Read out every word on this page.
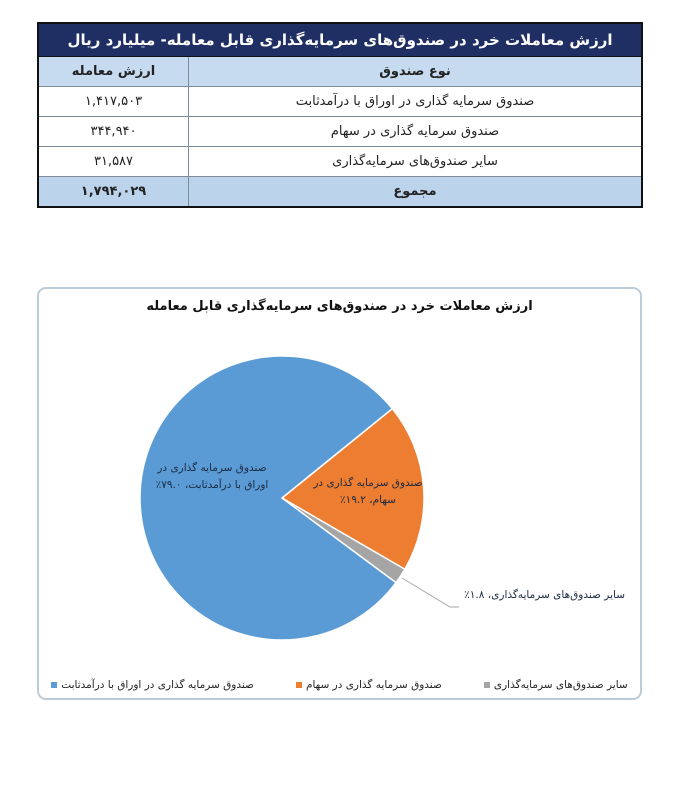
ارزش معاملات خرد در صندوق‌های سرمایه‌گذاری قابل معامله- میلیارد ریال
نوع صندوق
ارزش معامله
صندوق سرمایه گذاری در اوراق با درآمدثابت
۱,۴۱۷,۵۰۳
صندوق سرمایه گذاری در سهام
۳۴۴,۹۴۰
سایر صندوق‌های سرمایه‌گذاری
۳۱,۵۸۷
مجموع
۱,۷۹۴,۰۲۹
ارزش معاملات خرد در صندوق‌های سرمایه‌گذاری قابل معامله
صندوق سرمایه گذاری در
اوراق با درآمدثابت، ۷۹.۰٪	صندوق سرمایه گذاری در
سهام، ۱۹.۲٪
سایر صندوق‌های سرمایه‌گذاری، ۱.۸٪
سایر صندوق‌های سرمایه‌گذاری
صندوق سرمایه گذاری در سهام
صندوق سرمایه گذاری در اوراق با درآمدثابت
